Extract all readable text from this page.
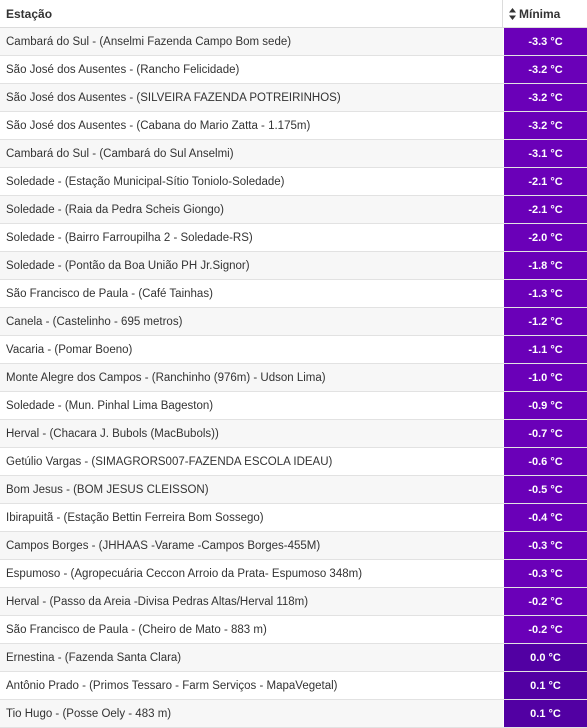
Estação	Mínima
Cambará do Sul - (Anselmi Fazenda Campo Bom sede)	-3.3 °C
São José dos Ausentes - (Rancho Felicidade)	-3.2 °C
São José dos Ausentes - (SILVEIRA FAZENDA POTREIRINHOS)	-3.2 °C
São José dos Ausentes - (Cabana do Mario Zatta - 1.175m)	-3.2 °C
Cambará do Sul - (Cambará do Sul Anselmi)	-3.1 °C
Soledade - (Estação Municipal-Sítio Toniolo-Soledade)	-2.1 °C
Soledade - (Raia da Pedra Scheis Giongo)	-2.1 °C
Soledade - (Bairro Farroupilha 2 - Soledade-RS)	-2.0 °C
Soledade - (Pontão da Boa União PH Jr.Signor)	-1.8 °C
São Francisco de Paula - (Café Tainhas)	-1.3 °C
Canela - (Castelinho - 695 metros)	-1.2 °C
Vacaria - (Pomar Boeno)	-1.1 °C
Monte Alegre dos Campos - (Ranchinho (976m) - Udson Lima)	-1.0 °C
Soledade - (Mun. Pinhal Lima Bageston)	-0.9 °C
Herval - (Chacara J. Bubols (MacBubols))	-0.7 °C
Getúlio Vargas - (SIMAGRORS007-FAZENDA ESCOLA IDEAU)	-0.6 °C
Bom Jesus - (BOM JESUS CLEISSON)	-0.5 °C
Ibirapuitã - (Estação Bettin Ferreira Bom Sossego)	-0.4 °C
Campos Borges - (JHHAAS -Varame -Campos Borges-455M)	-0.3 °C
Espumoso - (Agropecuária Ceccon Arroio da Prata- Espumoso 348m)	-0.3 °C
Herval - (Passo da Areia -Divisa Pedras Altas/Herval 118m)	-0.2 °C
São Francisco de Paula - (Cheiro de Mato - 883 m)	-0.2 °C
Ernestina - (Fazenda Santa Clara)	0.0 °C
Antônio Prado - (Primos Tessaro - Farm Serviços - MapaVegetal)	0.1 °C
Tio Hugo - (Posse Oely - 483 m)	0.1 °C
